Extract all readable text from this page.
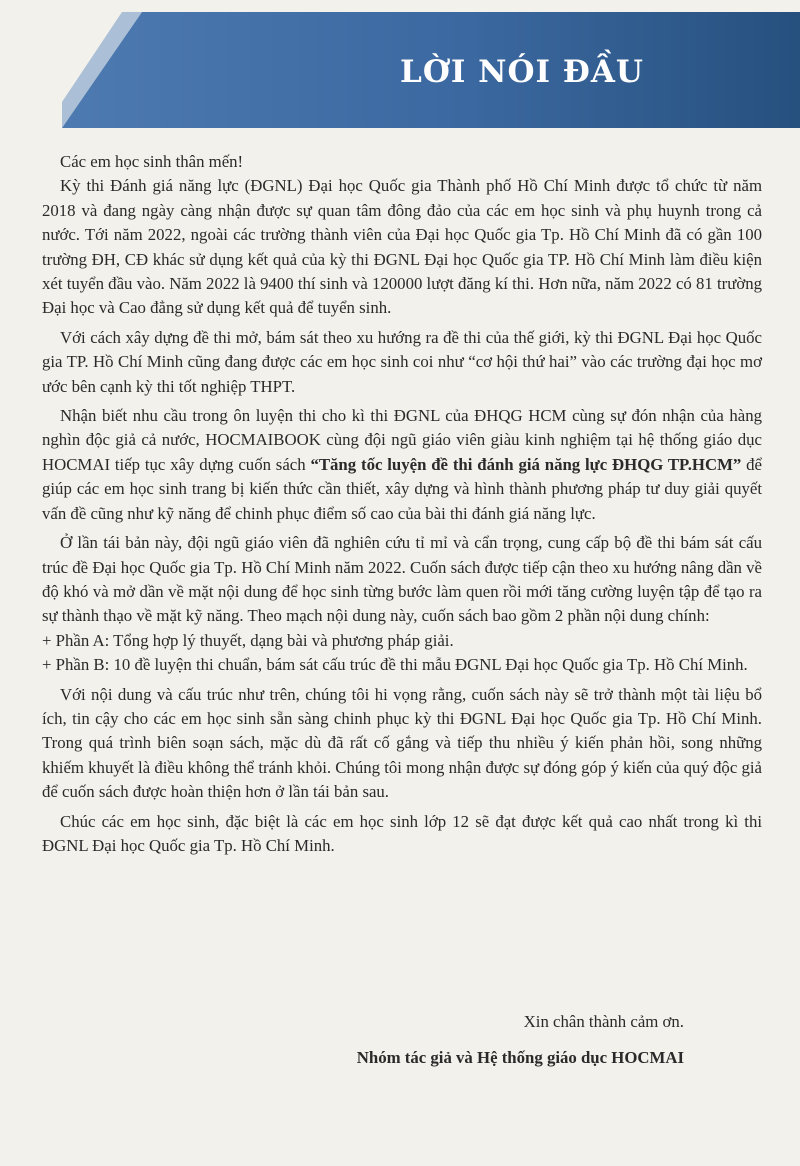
LỜI NÓI ĐẦU

Các em học sinh thân mến!

Kỳ thi Đánh giá năng lực (ĐGNL) Đại học Quốc gia Thành phố Hồ Chí Minh được tổ chức từ năm 2018 và đang ngày càng nhận được sự quan tâm đông đảo của các em học sinh và phụ huynh trong cả nước. Tới năm 2022, ngoài các trường thành viên của Đại học Quốc gia Tp. Hồ Chí Minh đã có gần 100 trường ĐH, CĐ khác sử dụng kết quả của kỳ thi ĐGNL Đại học Quốc gia TP. Hồ Chí Minh làm điều kiện xét tuyển đầu vào. Năm 2022 là 9400 thí sinh và 120000 lượt đăng kí thi. Hơn nữa, năm 2022 có 81 trường Đại học và Cao đẳng sử dụng kết quả để tuyển sinh.

Với cách xây dựng đề thi mở, bám sát theo xu hướng ra đề thi của thế giới, kỳ thi ĐGNL Đại học Quốc gia TP. Hồ Chí Minh cũng đang được các em học sinh coi như “cơ hội thứ hai” vào các trường đại học mơ ước bên cạnh kỳ thi tốt nghiệp THPT.

Nhận biết nhu cầu trong ôn luyện thi cho kì thi ĐGNL của ĐHQG HCM cùng sự đón nhận của hàng nghìn độc giả cả nước, HOCMAIBOOK cùng đội ngũ giáo viên giàu kinh nghiệm tại hệ thống giáo dục HOCMAI tiếp tục xây dựng cuốn sách “Tăng tốc luyện đề thi đánh giá năng lực ĐHQG TP.HCM” để giúp các em học sinh trang bị kiến thức cần thiết, xây dựng và hình thành phương pháp tư duy giải quyết vấn đề cũng như kỹ năng để chinh phục điểm số cao của bài thi đánh giá năng lực.

Ở lần tái bản này, đội ngũ giáo viên đã nghiên cứu tỉ mỉ và cẩn trọng, cung cấp bộ đề thi bám sát cấu trúc đề Đại học Quốc gia Tp. Hồ Chí Minh năm 2022. Cuốn sách được tiếp cận theo xu hướng nâng dần về độ khó và mở dần về mặt nội dung để học sinh từng bước làm quen rồi mới tăng cường luyện tập để tạo ra sự thành thạo về mặt kỹ năng. Theo mạch nội dung này, cuốn sách bao gồm 2 phần nội dung chính:

+ Phần A: Tổng hợp lý thuyết, dạng bài và phương pháp giải.

+ Phần B: 10 đề luyện thi chuẩn, bám sát cấu trúc đề thi mẫu ĐGNL Đại học Quốc gia Tp. Hồ Chí Minh.

Với nội dung và cấu trúc như trên, chúng tôi hi vọng rằng, cuốn sách này sẽ trở thành một tài liệu bổ ích, tin cậy cho các em học sinh sẵn sàng chinh phục kỳ thi ĐGNL Đại học Quốc gia Tp. Hồ Chí Minh. Trong quá trình biên soạn sách, mặc dù đã rất cố gắng và tiếp thu nhiều ý kiến phản hồi, song những khiếm khuyết là điều không thể tránh khỏi. Chúng tôi mong nhận được sự đóng góp ý kiến của quý độc giả để cuốn sách được hoàn thiện hơn ở lần tái bản sau.

Chúc các em học sinh, đặc biệt là các em học sinh lớp 12 sẽ đạt được kết quả cao nhất trong kì thi ĐGNL Đại học Quốc gia Tp. Hồ Chí Minh.

Xin chân thành cảm ơn.
Nhóm tác giả và Hệ thống giáo dục HOCMAI
